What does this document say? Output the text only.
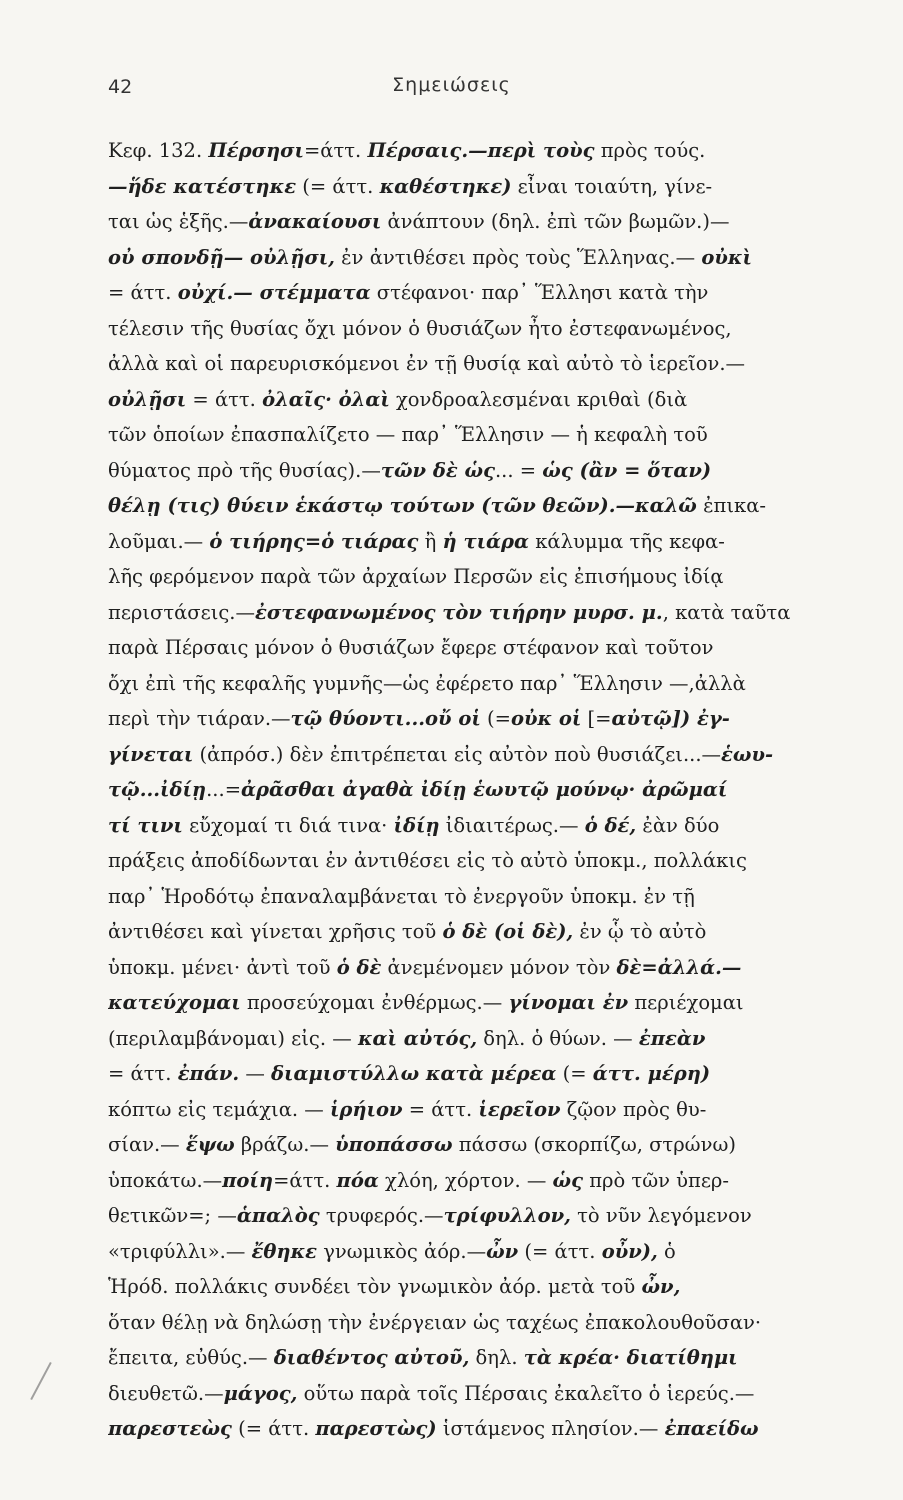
42	Σημειώσεις
Κεφ. 132. Πέρσησι=άττ. Πέρσαις.—περὶ τοὺς πρὸς τούς.
—ἥδε κατέστηκε (= άττ. καθέστηκε) εἶναι τοιαύτη, γίνε-
ται ὡς ἑξῆς.—ἀνακαίουσι ἀνάπτουν (δηλ. ἐπὶ τῶν βωμῶν.)—
οὐ σπονδῇ— οὐλῇσι, ἐν ἀντιθέσει πρὸς τοὺς Ἕλληνας.— οὐκὶ
= άττ. οὐχί.— στέμματα στέφανοι· παρ᾽ Ἕλλησι κατὰ τὴν
τέλεσιν τῆς θυσίας ὄχι μόνον ὁ θυσιάζων ἦτο ἐστεφανωμένος,
ἀλλὰ καὶ οἱ παρευρισκόμενοι ἐν τῇ θυσίᾳ καὶ αὐτὸ τὸ ἱερεῖον.—
οὐλῇσι = άττ. ὀλαῖς· ὀλαὶ χονδροαλεσμέναι κριθαὶ (διὰ
τῶν ὁποίων ἐπασπαλίζετο — παρ᾽ Ἕλλησιν — ἡ κεφαλὴ τοῦ
θύματος πρὸ τῆς θυσίας).—τῶν δὲ ὡς... = ὡς (ἂν = ὅταν)
θέλῃ (τις) θύειν ἑκάστῳ τούτων (τῶν θεῶν).—καλῶ ἐπικα-
λοῦμαι.— ὁ τιήρης=ὁ τιάρας ἢ ἡ τιάρα κάλυμμα τῆς κεφα-
λῆς φερόμενον παρὰ τῶν ἀρχαίων Περσῶν εἰς ἐπισήμους ἰδίᾳ
περιστάσεις.—ἐστεφανωμένος τὸν τιήρην μυρσ. μ., κατὰ ταῦτα
παρὰ Πέρσαις μόνον ὁ θυσιάζων ἔφερε στέφανον καὶ τοῦτον
ὄχι ἐπὶ τῆς κεφαλῆς γυμνῆς—ὡς ἐφέρετο παρ᾽ Ἕλλησιν —,ἀλλὰ
περὶ τὴν τιάραν.—τῷ θύοντι...οὔ οἱ (=οὐκ οἱ [=αὐτῷ]) ἐγ-
γίνεται (ἀπρόσ.) δὲν ἐπιτρέπεται εἰς αὐτὸν ποὺ θυσιάζει...—ἑωυ-
τῷ...ἰδίῃ...=ἀρᾶσθαι ἀγαθὰ ἰδίῃ ἑωυτῷ μούνῳ· ἀρῶμαί
τί τινι εὔχομαί τι διά τινα· ἰδίῃ ἰδιαιτέρως.— ὁ δέ, ἐὰν δύο
πράξεις ἀποδίδωνται ἐν ἀντιθέσει εἰς τὸ αὐτὸ ὑποκμ., πολλάκις
παρ᾽ Ἡροδότῳ ἐπαναλαμβάνεται τὸ ἐνεργοῦν ὑποκμ. ἐν τῇ
ἀντιθέσει καὶ γίνεται χρῆσις τοῦ ὁ δὲ (οἱ δὲ), ἐν ᾧ τὸ αὐτὸ
ὑποκμ. μένει· ἀντὶ τοῦ ὁ δὲ ἀνεμένομεν μόνον τὸν δὲ=ἀλλά.—
κατεύχομαι προσεύχομαι ἐνθέρμως.— γίνομαι ἐν περιέχομαι
(περιλαμβάνομαι) εἰς. — καὶ αὐτός, δηλ. ὁ θύων. — ἐπεὰν
= άττ. ἐπάν. — διαμιστύλλω κατὰ μέρεα (= άττ. μέρη)
κόπτω εἰς τεμάχια. — ἱρήιον = άττ. ἱερεῖον ζῷον πρὸς θυ-
σίαν.— ἕψω βράζω.— ὑποπάσσω πάσσω (σκορπίζω, στρώνω)
ὑποκάτω.—ποίη=άττ. πόα χλόη, χόρτον. — ὡς πρὸ τῶν ὑπερ-
θετικῶν=; —ἁπαλὸς τρυφερός.—τρίφυλλον, τὸ νῦν λεγόμενον
«τριφύλλι».— ἔθηκε γνωμικὸς ἀόρ.—ὦν (= άττ. οὖν), ὁ
Ἡρόδ. πολλάκις συνδέει τὸν γνωμικὸν ἀόρ. μετὰ τοῦ ὦν,
ὅταν θέλῃ νὰ δηλώσῃ τὴν ἐνέργειαν ὡς ταχέως ἐπακολουθοῦσαν·
ἔπειτα, εὐθύς.— διαθέντος αὐτοῦ, δηλ. τὰ κρέα· διατίθημι
διευθετῶ.—μάγος, οὕτω παρὰ τοῖς Πέρσαις ἐκαλεῖτο ὁ ἱερεύς.—
παρεστεὼς (= άττ. παρεστὼς) ἱστάμενος πλησίον.— ἐπαείδω
